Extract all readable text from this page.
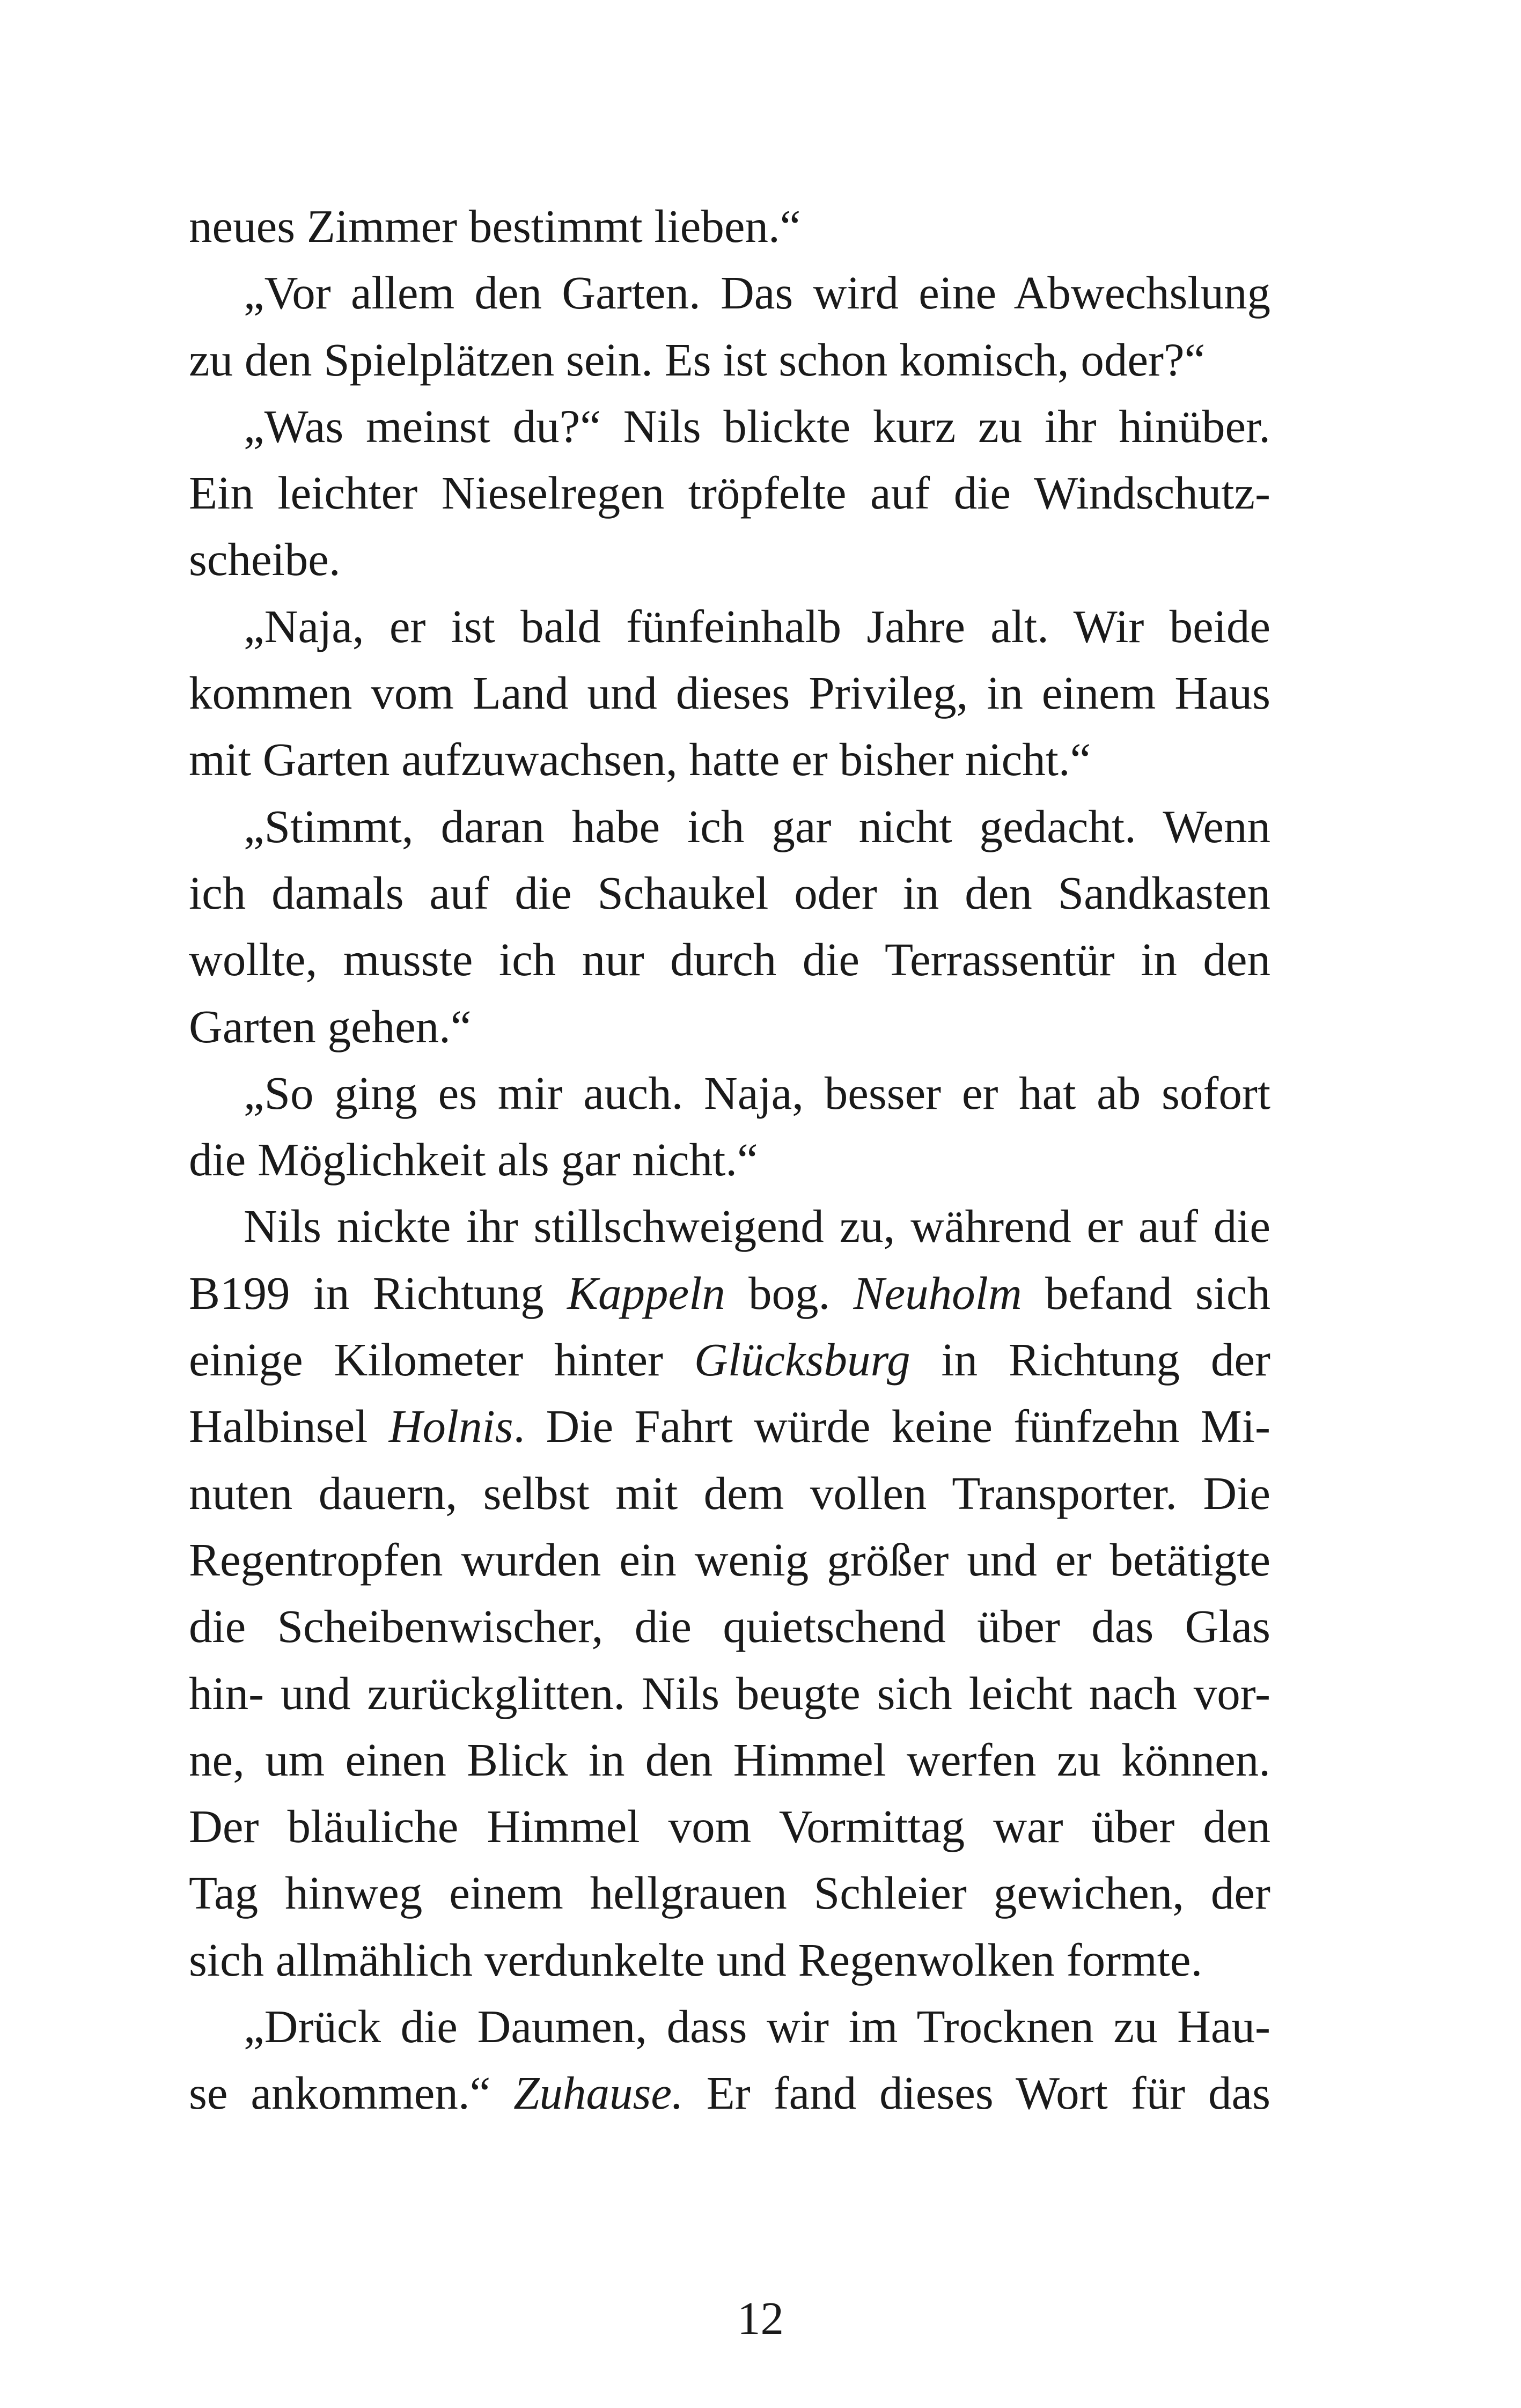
neues Zimmer bestimmt lieben.“
„Vor allem den Garten. Das wird eine Abwechslung
zu den Spielplätzen sein. Es ist schon komisch, oder?“
„Was meinst du?“ Nils blickte kurz zu ihr hinüber.
Ein leichter Nieselregen tröpfelte auf die Windschutz-
scheibe.
„Naja, er ist bald fünfeinhalb Jahre alt. Wir beide
kommen vom Land und dieses Privileg, in einem Haus
mit Garten aufzuwachsen, hatte er bisher nicht.“
„Stimmt, daran habe ich gar nicht gedacht. Wenn
ich damals auf die Schaukel oder in den Sandkasten
wollte, musste ich nur durch die Terrassentür in den
Garten gehen.“
„So ging es mir auch. Naja, besser er hat ab sofort
die Möglichkeit als gar nicht.“
Nils nickte ihr stillschweigend zu, während er auf die
B199 in Richtung Kappeln bog. Neuholm befand sich
einige Kilometer hinter Glücksburg in Richtung der
Halbinsel Holnis. Die Fahrt würde keine fünfzehn Mi-
nuten dauern, selbst mit dem vollen Transporter. Die
Regentropfen wurden ein wenig größer und er betätigte
die Scheibenwischer, die quietschend über das Glas
hin- und zurückglitten. Nils beugte sich leicht nach vor-
ne, um einen Blick in den Himmel werfen zu können.
Der bläuliche Himmel vom Vormittag war über den
Tag hinweg einem hellgrauen Schleier gewichen, der
sich allmählich verdunkelte und Regenwolken formte.
„Drück die Daumen, dass wir im Trocknen zu Hau-
se ankommen.“ Zuhause. Er fand dieses Wort für das
12
